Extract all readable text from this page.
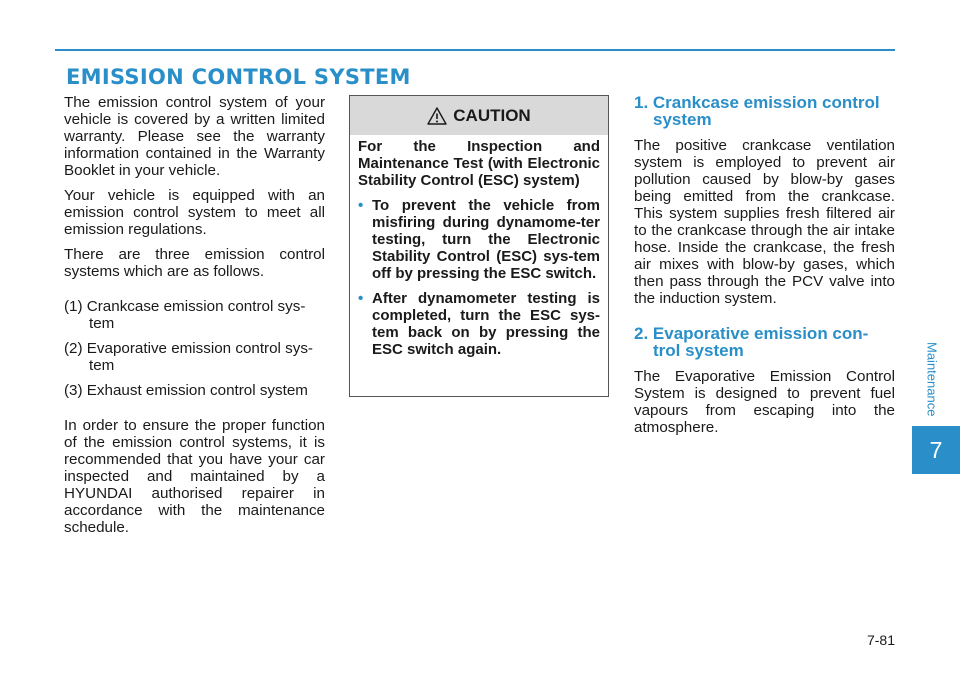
EMISSION CONTROL SYSTEM

The emission control system of your vehicle is covered by a written limited warranty. Please see the warranty information contained in the Warranty Booklet in your vehicle.

Your vehicle is equipped with an emission control system to meet all emission regulations.

There are three emission control systems which are as follows.

(1) Crankcase emission control sys-tem
(2) Evaporative emission control sys-tem
(3) Exhaust emission control system

In order to ensure the proper function of the emission control systems, it is recommended that you have your car inspected and maintained by a HYUNDAI authorised repairer in accordance with the maintenance schedule.

CAUTION

For the Inspection and Maintenance Test (with Electronic Stability Control (ESC) system)

• To prevent the vehicle from misfiring during dynamome-ter testing, turn the Electronic Stability Control (ESC) sys-tem off by pressing the ESC switch.
• After dynamometer testing is completed, turn the ESC sys-tem back on by pressing the ESC switch again.
1. Crankcase emission control system

The positive crankcase ventilation system is employed to prevent air pollution caused by blow-by gases being emitted from the crankcase. This system supplies fresh filtered air to the crankcase through the air intake hose. Inside the crankcase, the fresh air mixes with blow-by gases, which then pass through the PCV valve into the induction system.

2. Evaporative emission con-trol system

The Evaporative Emission Control System is designed to prevent fuel vapours from escaping into the atmosphere.

Maintenance
7
7-81
